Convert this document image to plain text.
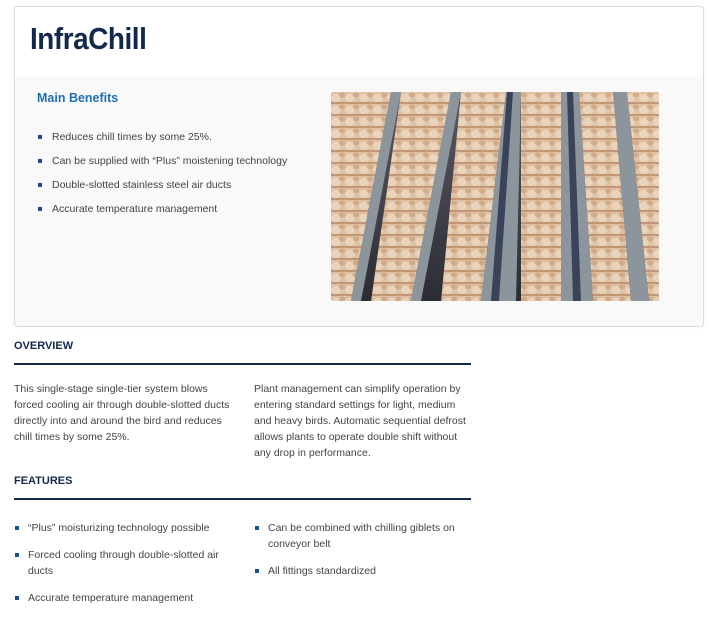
InfraChill
Main Benefits
Reduces chill times by some 25%.
Can be supplied with “Plus” moistening technology
Double-slotted stainless steel air ducts
Accurate temperature management
OVERVIEW
This single-stage single-tier system blows forced cooling air through double-slotted ducts directly into and around the bird and reduces chill times by some 25%.
Plant management can simplify operation by entering standard settings for light, medium and heavy birds. Automatic sequential defrost allows plants to operate double shift without any drop in performance.
FEATURES
“Plus” moisturizing technology possible
Forced cooling through double-slotted air ducts
Accurate temperature management
Can be combined with chilling giblets on conveyor belt
All fittings standardized
